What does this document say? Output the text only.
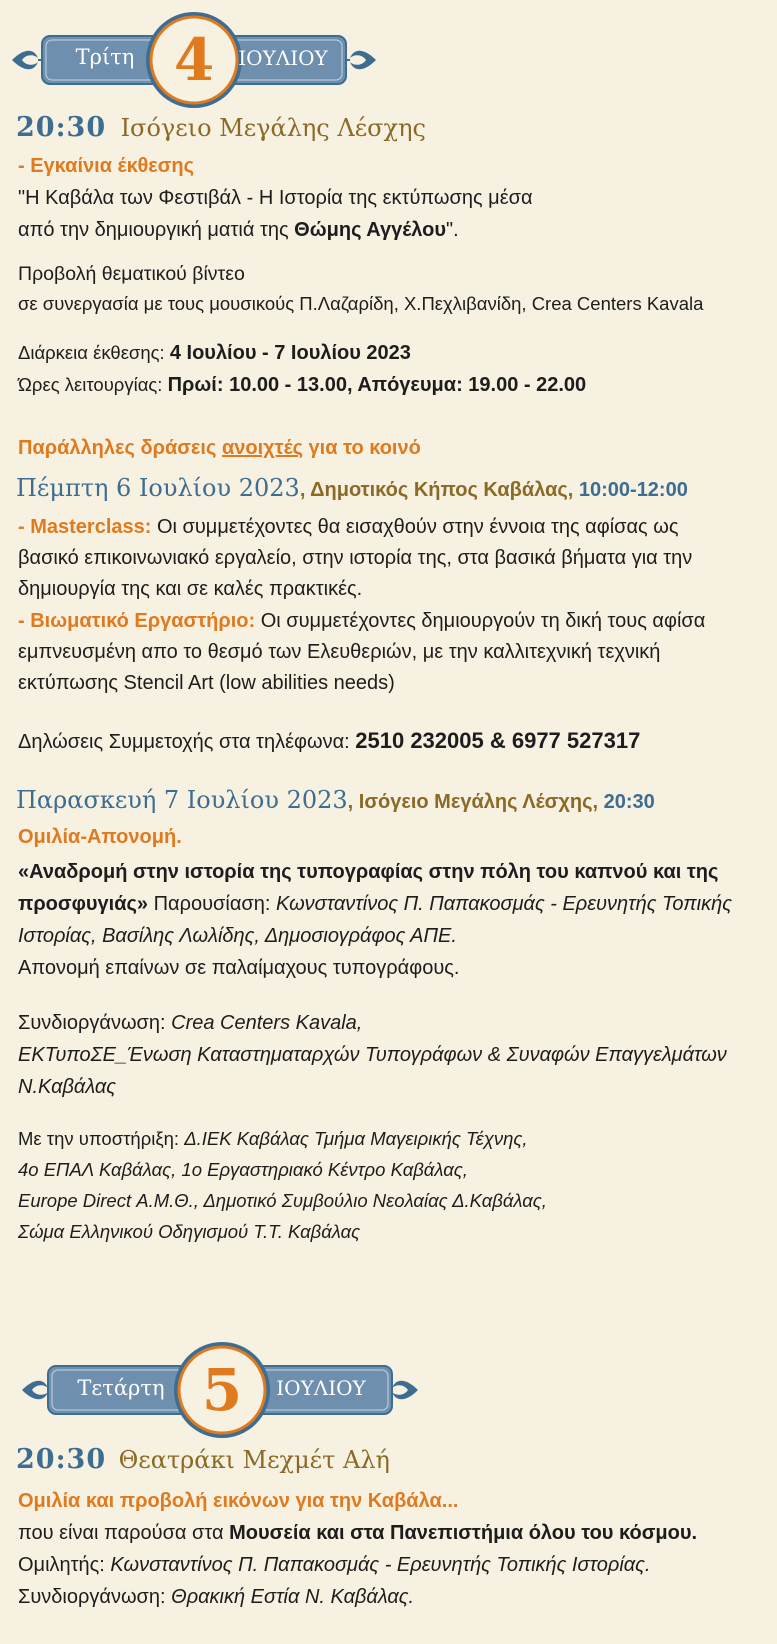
Τρίτη 4	ΙΟΥΛΙΟΥ
20:30 Ισόγειο Μεγάλης Λέσχης
- Εγκαίνια έκθεσης
"Η Καβάλα των Φεστιβάλ - Η Ιστορία της εκτύπωσης μέσα
από την δημιουργική ματιά της Θώμης Αγγέλου".
Προβολή θεματικού βίντεο
σε συνεργασία με τους μουσικούς Π.Λαζαρίδη, Χ.Πεχλιβανίδη, Crea Centers Kavala
Διάρκεια έκθεσης: 4 Ιουλίου - 7 Ιουλίου 2023
Ώρες λειτουργίας: Πρωί: 10.00 - 13.00, Απόγευμα: 19.00 - 22.00
Παράλληλες δράσεις ανοιχτές για το κοινό
Πέμπτη 6 Ιουλίου 2023, Δημοτικός Κήπος Καβάλας, 10:00-12:00
- Masterclass: Οι συμμετέχοντες θα εισαχθούν στην έννοια της αφίσας ως
βασικό επικοινωνιακό εργαλείο, στην ιστορία της, στα βασικά βήματα για την
δημιουργία της και σε καλές πρακτικές.
- Βιωματικό Εργαστήριο: Οι συμμετέχοντες δημιουργούν τη δική τους αφίσα
εμπνευσμένη απο το θεσμό των Ελευθεριών, με την καλλιτεχνική τεχνική
εκτύπωσης Stencil Art (low abilities needs)
Δηλώσεις Συμμετοχής στα τηλέφωνα: 2510 232005 & 6977 527317
Παρασκευή 7 Ιουλίου 2023, Ισόγειο Μεγάλης Λέσχης, 20:30
Ομιλία-Απονομή.
«Αναδρομή στην ιστορία της τυπογραφίας στην πόλη του καπνού και της
προσφυγιάς» Παρουσίαση: Κωνσταντίνος Π. Παπακοσμάς - Ερευνητής Τοπικής
Ιστορίας, Βασίλης Λωλίδης, Δημοσιογράφος ΑΠΕ.
Απονομή επαίνων σε παλαίμαχους τυπογράφους.
Συνδιοργάνωση: Crea Centers Kavala,
ΕΚΤυποΣΕ_Ένωση Καταστηματαρχών Τυπογράφων & Συναφών Επαγγελμάτων
Ν.Καβάλας
Με την υποστήριξη: Δ.ΙΕΚ Καβάλας Τμήμα Μαγειρικής Τέχνης,
4ο ΕΠΑΛ Καβάλας, 1ο Εργαστηριακό Κέντρο Καβάλας,
Europe Direct Α.Μ.Θ., Δημοτικό Συμβούλιο Νεολαίας Δ.Καβάλας,
Σώμα Ελληνικού Οδηγισμού Τ.Τ. Καβάλας
Τετάρτη 5	ΙΟΥΛΙΟΥ
20:30 Θεατράκι Μεχμέτ Αλή
Ομιλία και προβολή εικόνων για την Καβάλα...
που είναι παρούσα στα Μουσεία και στα Πανεπιστήμια όλου του κόσμου.
Ομιλητής: Κωνσταντίνος Π. Παπακοσμάς - Ερευνητής Τοπικής Ιστορίας.
Συνδιοργάνωση: Θρακική Εστία Ν. Καβάλας.
